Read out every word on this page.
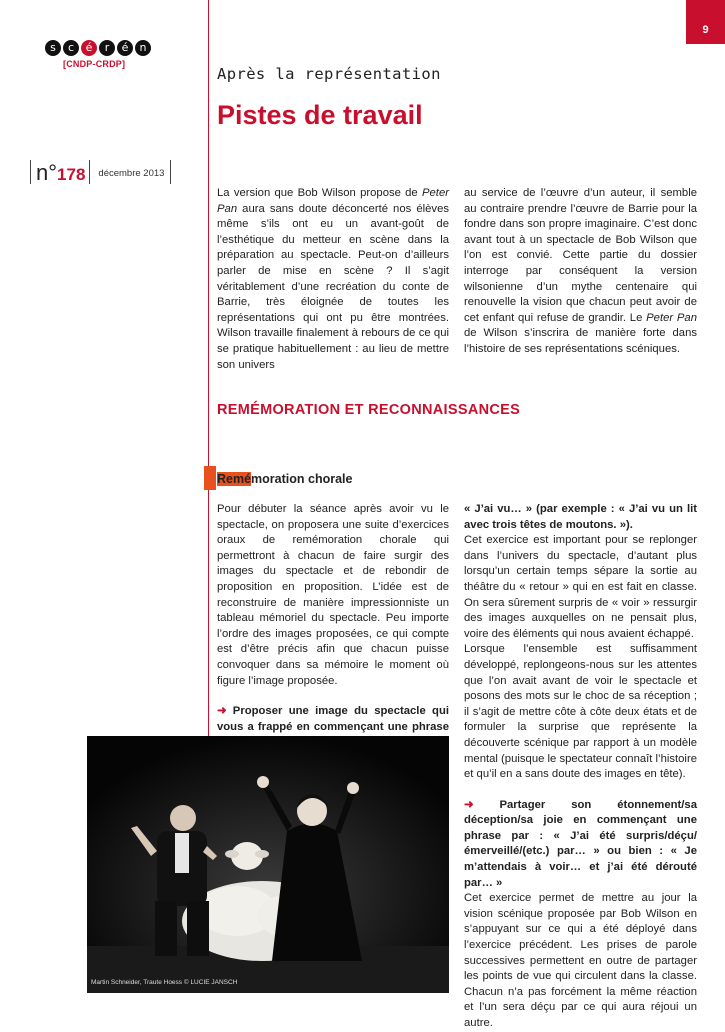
9
s	c	é	r	é	n
[CNDP-CRDP]
Après la représentation
Pistes de travail
n°178 décembre 2013

La version que Bob Wilson propose de Peter Pan aura sans doute déconcerté nos élèves même s’ils ont eu un avant-goût de l’esthétique du metteur en scène dans la préparation au spectacle. Peut-on d’ailleurs parler de mise en scène ? Il s’agit véritablement d’une recréation du conte de Barrie, très éloignée de toutes les représentations qui ont pu être montrées. Wilson travaille finalement à rebours de ce qui se pratique habituellement : au lieu de mettre son univers

au service de l’œuvre d’un auteur, il semble au contraire prendre l’œuvre de Barrie pour la fondre dans son propre imaginaire. C’est donc avant tout à un spectacle de Bob Wilson que l’on est convié. Cette partie du dossier interroge par conséquent la version wilsonienne d’un mythe centenaire qui renouvelle la vision que chacun peut avoir de cet enfant qui refuse de grandir. Le Peter Pan de Wilson s’inscrira de manière forte dans l’histoire de ses représentations scéniques.

REMÉMORATION ET RECONNAISSANCES
Remémoration chorale

Pour débuter la séance après avoir vu le spectacle, on proposera une suite d’exercices oraux de remémoration chorale qui permettront à chacun de faire surgir des images du spectacle et de rebondir de proposition en proposition. L’idée est de reconstruire de manière impressionniste un tableau mémoriel du spectacle. Peu importe l’ordre des images proposées, ce qui compte est d’être précis afin que chacun puisse convoquer dans sa mémoire le moment où figure l’image proposée.

➜ Proposer une image du spectacle qui vous a frappé en commençant une phrase

« J’ai vu… » (par exemple : « J’ai vu un lit avec trois têtes de moutons. »).

Cet exercice est important pour se replonger dans l’univers du spectacle, d’autant plus lorsqu’un certain temps sépare la sortie au théâtre du « retour » qui en est fait en classe. On sera sûrement surpris de « voir » ressurgir des images auxquelles on ne pensait plus, voire des éléments qui nous avaient échappé.

Lorsque l’ensemble est suffisamment développé, replongeons-nous sur les attentes que l’on avait avant de voir le spectacle et posons des mots sur le choc de sa réception ; il s’agit de mettre côte à côte deux états et de formuler la surprise que représente la découverte scénique par rapport à un modèle mental (puisque le spectateur connaît l’histoire et qu’il en a sans doute des images en tête).

➜ Partager son étonnement/sa déception/sa joie en commençant une phrase par : « J’ai été surpris/déçu/émerveillé/(etc.) par… » ou bien : « Je m’attendais à voir… et j’ai été dérouté par… »

Cet exercice permet de mettre au jour la vision scénique proposée par Bob Wilson en s’appuyant sur ce qui a été déployé dans l’exercice précédent. Les prises de parole successives permettent en outre de partager les points de vue qui circulent dans la classe. Chacun n’a pas forcément la même réaction et l’un sera déçu par ce qui aura réjoui un autre.

Martin Schneider, Traute Hoess © LUCIE JANSCH
